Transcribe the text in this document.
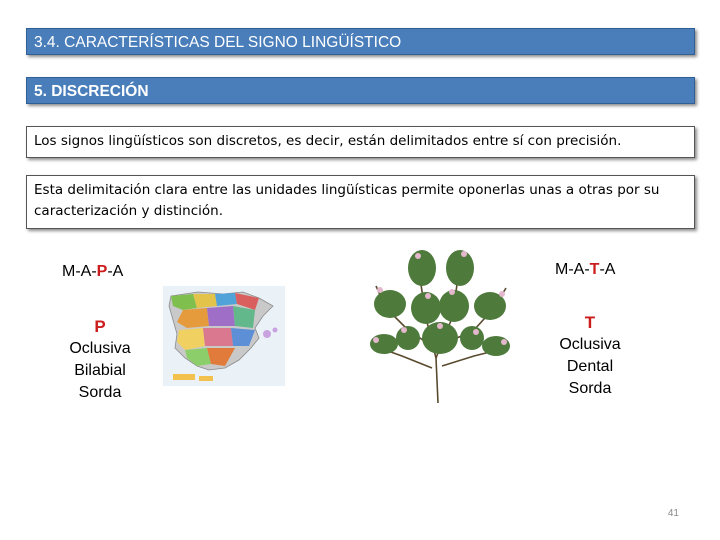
3.4. CARACTERÍSTICAS DEL SIGNO LINGÜÍSTICO
5. DISCRECIÓN
Los signos lingüísticos son discretos, es decir, están delimitados entre sí con precisión.
Esta delimitación clara entre las unidades lingüísticas permite oponerlas unas a otras por su caracterización y distinción.
M-A-P-A
P
Oclusiva
Bilabial
Sorda
M-A-T-A
T
Oclusiva
Dental
Sorda
41
